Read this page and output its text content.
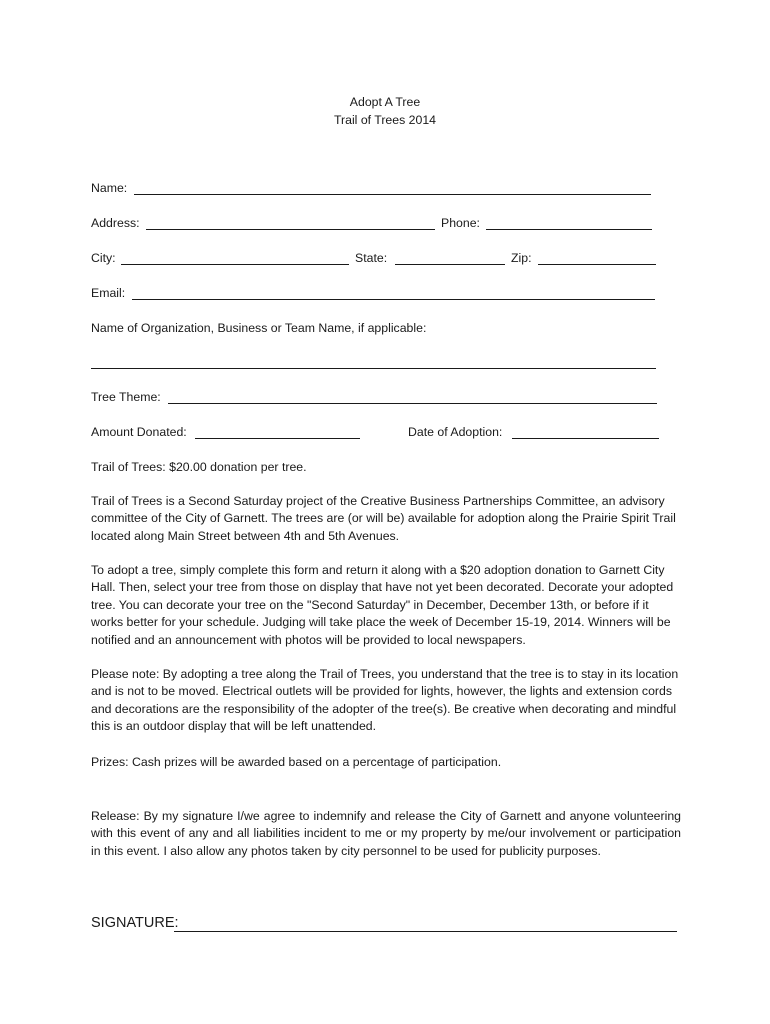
Adopt A Tree
Trail of Trees 2014
Name:
Address:	Phone:
City:	State:	Zip:
Email:
Name of Organization, Business or Team Name, if applicable:
Tree Theme:
Amount Donated:	Date of Adoption:
Trail of Trees: $20.00 donation per tree.
Trail of Trees is a Second Saturday project of the Creative Business Partnerships Committee, an advisory committee of the City of Garnett. The trees are (or will be) available for adoption along the Prairie Spirit Trail located along Main Street between 4th and 5th Avenues.
To adopt a tree, simply complete this form and return it along with a $20 adoption donation to Garnett City Hall. Then, select your tree from those on display that have not yet been decorated. Decorate your adopted tree. You can decorate your tree on the "Second Saturday" in December, December 13th, or before if it works better for your schedule. Judging will take place the week of December 15-19, 2014. Winners will be notified and an announcement with photos will be provided to local newspapers.
Please note: By adopting a tree along the Trail of Trees, you understand that the tree is to stay in its location and is not to be moved. Electrical outlets will be provided for lights, however, the lights and extension cords and decorations are the responsibility of the adopter of the tree(s). Be creative when decorating and mindful this is an outdoor display that will be left unattended.
Prizes: Cash prizes will be awarded based on a percentage of participation.
Release: By my signature I/we agree to indemnify and release the City of Garnett and anyone volunteering with this event of any and all liabilities incident to me or my property by me/our involvement or participation in this event. I also allow any photos taken by city personnel to be used for publicity purposes.
SIGNATURE:
